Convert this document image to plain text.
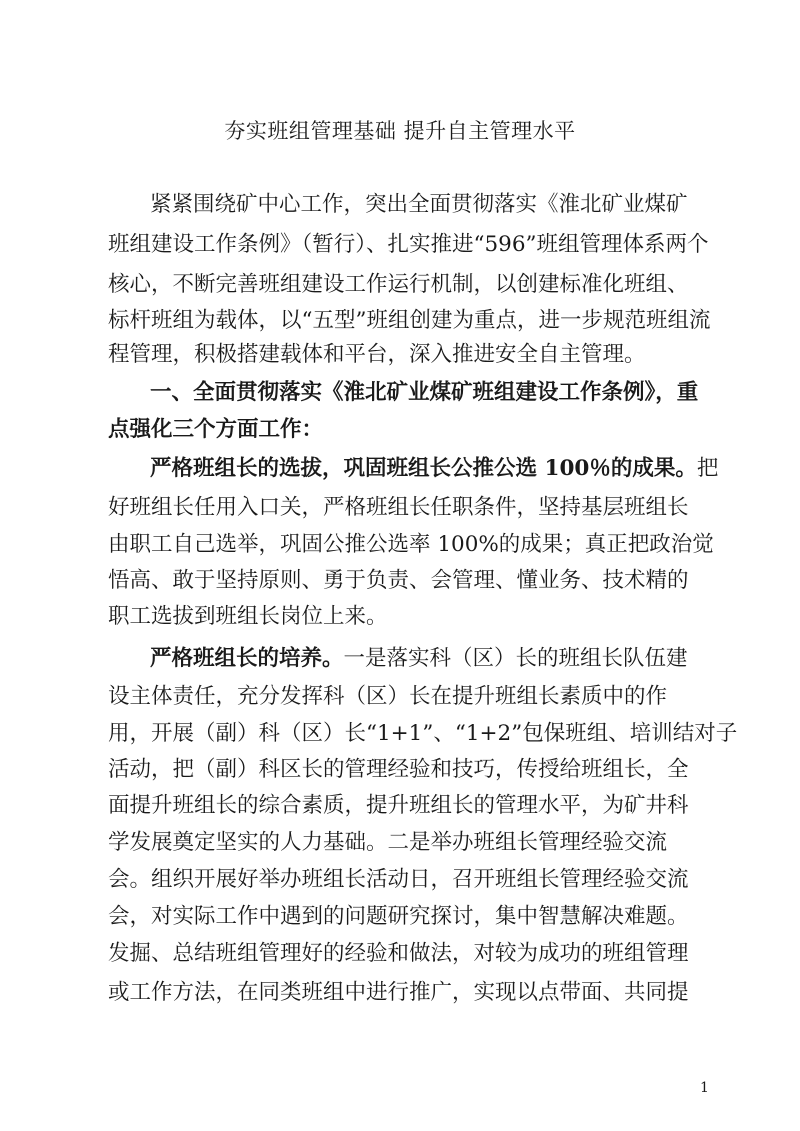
夯实班组管理基础 提升自主管理水平
紧紧围绕矿中心工作，突出全面贯彻落实《淮北矿业煤矿
班组建设工作条例》（暂行）、扎实推进“596”班组管理体系两个
核心，不断完善班组建设工作运行机制，以创建标准化班组、
标杆班组为载体，以“五型”班组创建为重点，进一步规范班组流
程管理，积极搭建载体和平台，深入推进安全自主管理。
一、全面贯彻落实《淮北矿业煤矿班组建设工作条例》，重
点强化三个方面工作：
严格班组长的选拔，巩固班组长公推公选 100％的成果。把
好班组长任用入口关，严格班组长任职条件，坚持基层班组长
由职工自己选举，巩固公推公选率 100%的成果；真正把政治觉
悟高、敢于坚持原则、勇于负责、会管理、懂业务、技术精的
职工选拔到班组长岗位上来。
严格班组长的培养。一是落实科（区）长的班组长队伍建
设主体责任，充分发挥科（区）长在提升班组长素质中的作
用，开展（副）科（区）长“1+1”、“1+2”包保班组、培训结对子
活动，把（副）科区长的管理经验和技巧，传授给班组长，全
面提升班组长的综合素质，提升班组长的管理水平，为矿井科
学发展奠定坚实的人力基础。二是举办班组长管理经验交流
会。组织开展好举办班组长活动日，召开班组长管理经验交流
会，对实际工作中遇到的问题研究探讨，集中智慧解决难题。
发掘、总结班组管理好的经验和做法，对较为成功的班组管理
或工作方法，在同类班组中进行推广，实现以点带面、共同提
1
